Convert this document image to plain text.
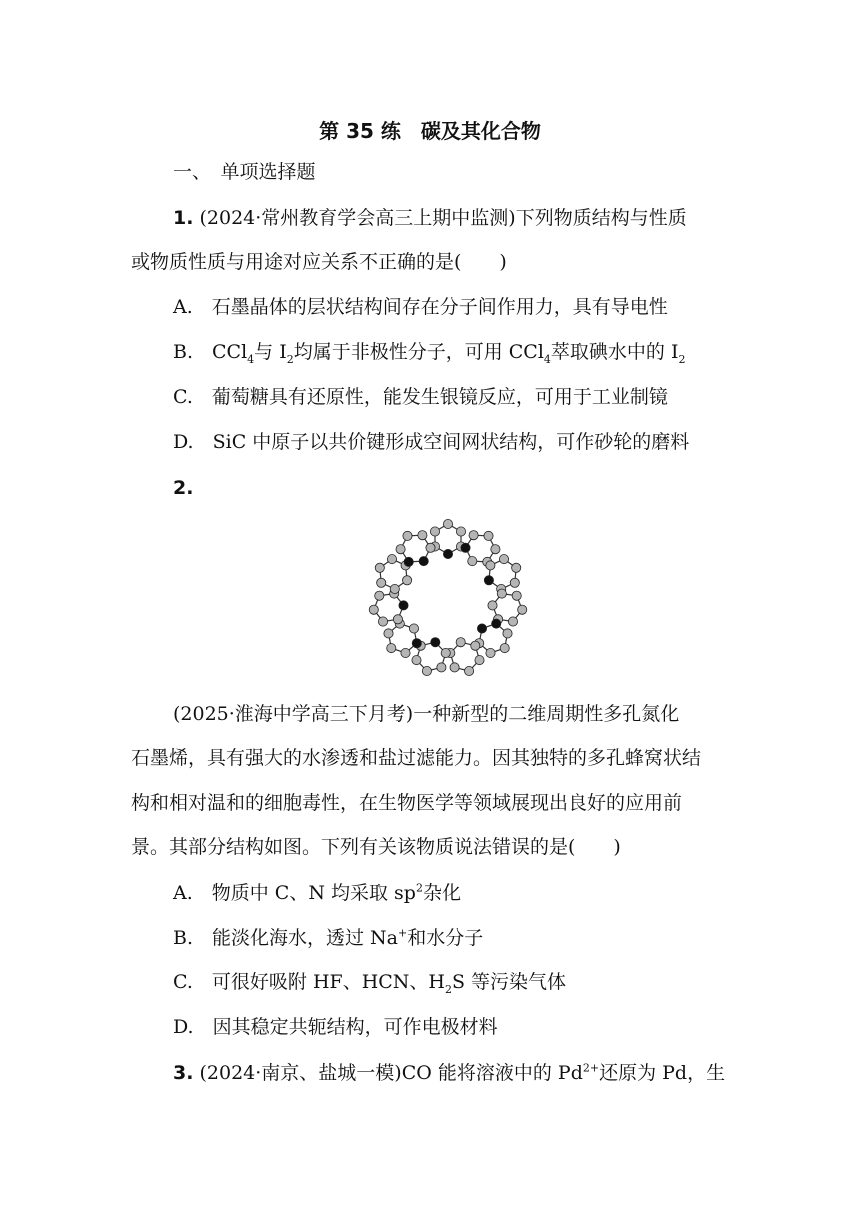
第 35 练　碳及其化合物
一、　单项选择题
1. (2024·常州教育学会高三上期中监测)下列物质结构与性质
或物质性质与用途对应关系不正确的是(　　)
A.　石墨晶体的层状结构间存在分子间作用力，具有导电性
B.　CCl$_4$与 $I_2$均属于非极性分子，可用 CCl$_4$萃取碘水中的 $I_2$
C.　葡萄糖具有还原性，能发生银镜反应，可用于工业制镜
D.　SiC 中原子以共价键形成空间网状结构，可作砂轮的磨料
2.
(2025·淮海中学高三下月考)一种新型的二维周期性多孔氮化
石墨烯，具有强大的水渗透和盐过滤能力。因其独特的多孔蜂窝状结
构和相对温和的细胞毒性，在生物医学等领域展现出良好的应用前
景。其部分结构如图。下列有关该物质说法错误的是(　　)
A.　物质中 C、N 均采取 $sp^2$杂化
B.　能淡化海水，透过 Na+和水分子
C.　可很好吸附 HF、HCN、$H_2S$ 等污染气体
D.　因其稳定共轭结构，可作电极材料
3. (2024·南京、盐城一模)CO 能将溶液中的 $Pd^{2+}$还原为 Pd，生
